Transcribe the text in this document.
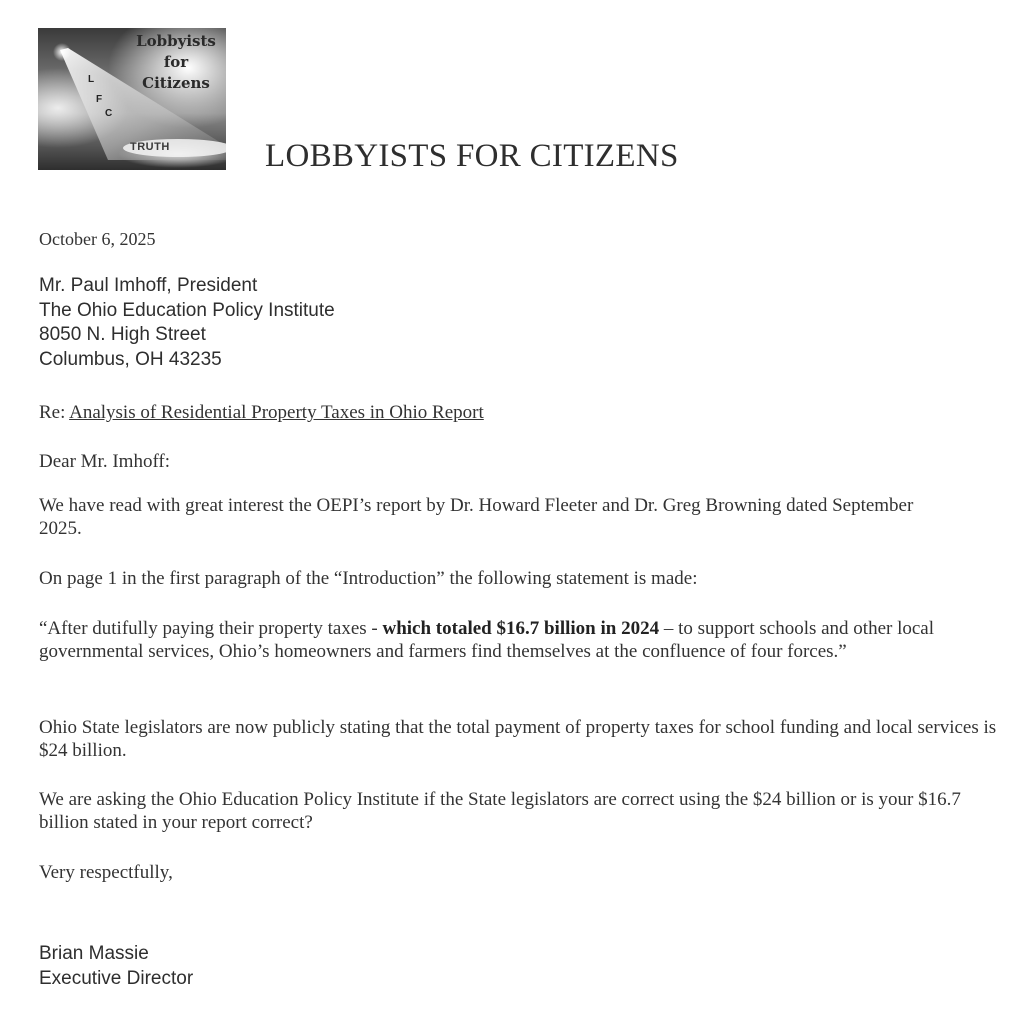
Lobbyists
for
Citizens
L
F
C
TRUTH	LOBBYISTS FOR CITIZENS
October 6, 2025
Mr. Paul Imhoff, President
The Ohio Education Policy Institute
8050 N. High Street
Columbus, OH 43235
Re: Analysis of Residential Property Taxes in Ohio Report
Dear Mr. Imhoff:
We have read with great interest the OEPI’s report by Dr. Howard Fleeter and Dr. Greg Browning dated September 2025.
On page 1 in the first paragraph of the “Introduction” the following statement is made:
“After dutifully paying their property taxes - which totaled $16.7 billion in 2024 – to support schools and other local governmental services, Ohio’s homeowners and farmers find themselves at the confluence of four forces.”
Ohio State legislators are now publicly stating that the total payment of property taxes for school funding and local services is $24 billion.
We are asking the Ohio Education Policy Institute if the State legislators are correct using the $24 billion or is your $16.7 billion stated in your report correct?
Very respectfully,
Brian Massie
Executive Director
